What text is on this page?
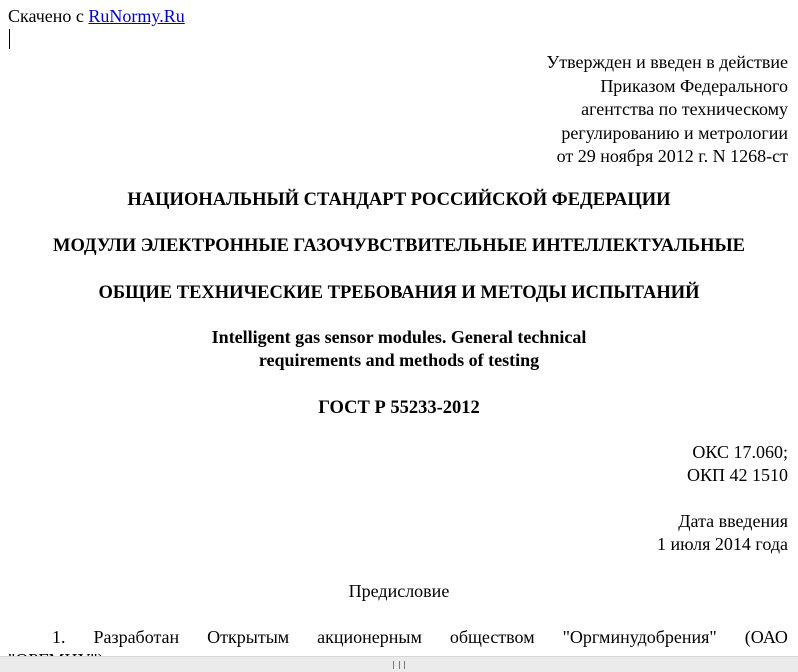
Скачено с RuNormy.Ru
Утвержден и введен в действие
Приказом Федерального
агентства по техническому
регулированию и метрологии
от 29 ноября 2012 г. N 1268-ст
НАЦИОНАЛЬНЫЙ СТАНДАРТ РОССИЙСКОЙ ФЕДЕРАЦИИ
МОДУЛИ ЭЛЕКТРОННЫЕ ГАЗОЧУВСТВИТЕЛЬНЫЕ ИНТЕЛЛЕКТУАЛЬНЫЕ
ОБЩИЕ ТЕХНИЧЕСКИЕ ТРЕБОВАНИЯ И МЕТОДЫ ИСПЫТАНИЙ
Intelligent gas sensor modules. General technical
requirements and methods of testing
ГОСТ Р 55233-2012
ОКС 17.060;
ОКП 42 1510
Дата введения
1 июля 2014 года
Предисловие
1. Разработан Открытым акционерным обществом "Оргминудобрения" (ОАО
